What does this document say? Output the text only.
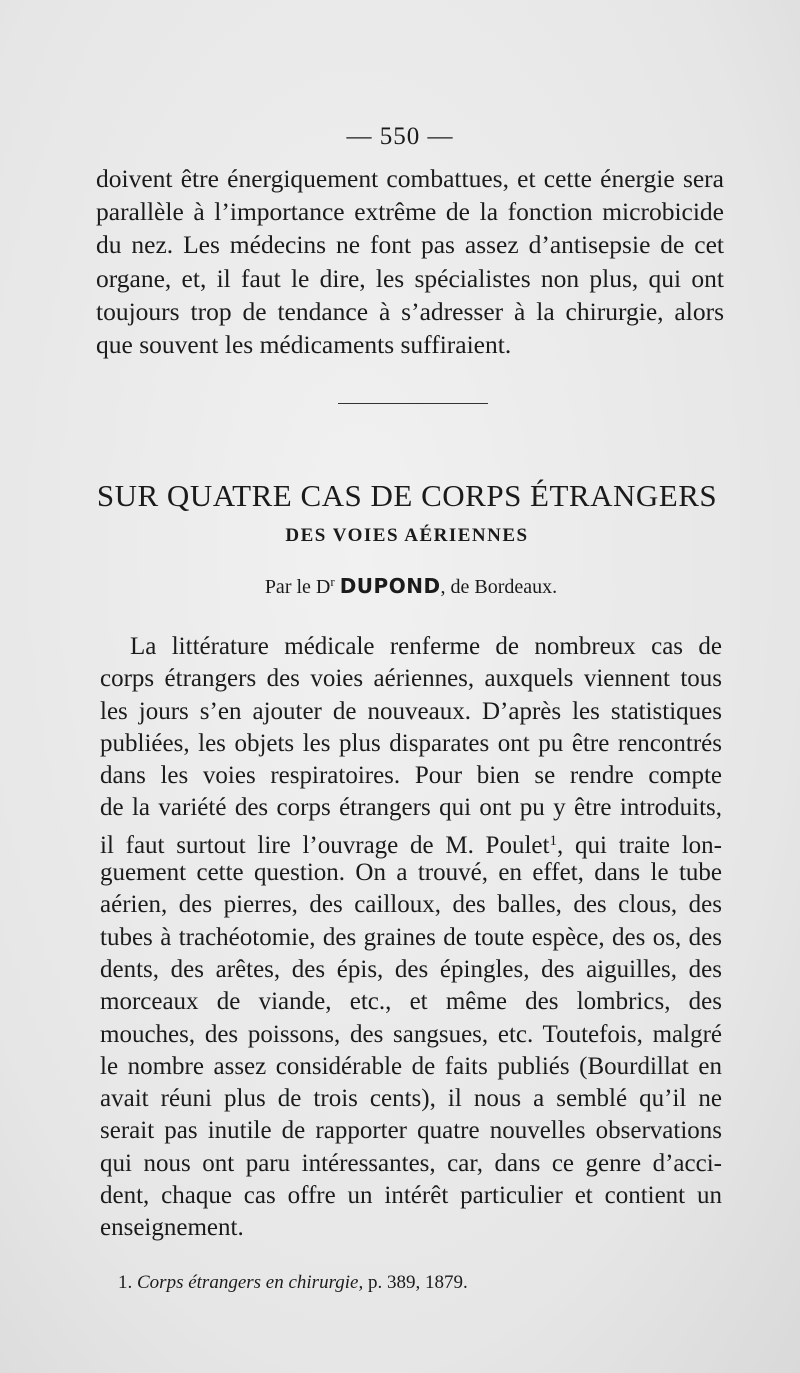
— 550 —
doivent être énergiquement combattues, et cette énergie sera
parallèle à l’importance extrême de la fonction microbicide
du nez. Les médecins ne font pas assez d’antisepsie de cet
organe, et, il faut le dire, les spécialistes non plus, qui ont
toujours trop de tendance à s’adresser à la chirurgie, alors
que souvent les médicaments suffiraient.
SUR QUATRE CAS DE CORPS ÉTRANGERS
DES VOIES AÉRIENNES
Par le $D^r$ DUPOND, de Bordeaux.
La littérature médicale renferme de nombreux cas de
corps étrangers des voies aériennes, auxquels viennent tous
les jours s’en ajouter de nouveaux. D’après les statistiques
publiées, les objets les plus disparates ont pu être rencontrés
dans les voies respiratoires. Pour bien se rendre compte
de la variété des corps étrangers qui ont pu y être introduits,
il faut surtout lire l’ouvrage de M. Poulet$^1$, qui traite lon-
guement cette question. On a trouvé, en effet, dans le tube
aérien, des pierres, des cailloux, des balles, des clous, des
tubes à trachéotomie, des graines de toute espèce, des os, des
dents, des arêtes, des épis, des épingles, des aiguilles, des
morceaux de viande, etc., et même des lombrics, des
mouches, des poissons, des sangsues, etc. Toutefois, malgré
le nombre assez considérable de faits publiés (Bourdillat en
avait réuni plus de trois cents), il nous a semblé qu’il ne
serait pas inutile de rapporter quatre nouvelles observations
qui nous ont paru intéressantes, car, dans ce genre d’acci-
dent, chaque cas offre un intérêt particulier et contient un
enseignement.
1. Corps étrangers en chirurgie, p. 389, 1879.
